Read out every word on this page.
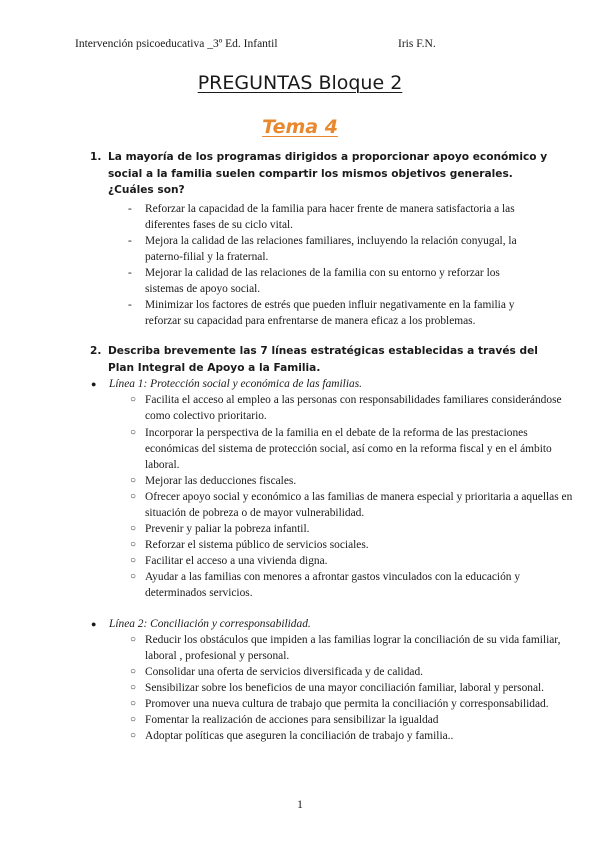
Intervención psicoeducativa _3º Ed. Infantil	Iris F.N.
PREGUNTAS Bloque 2
Tema 4
1. La mayoría de los programas dirigidos a proporcionar apoyo económico y social a la familia suelen compartir los mismos objetivos generales. ¿Cuáles son?
- Reforzar la capacidad de la familia para hacer frente de manera satisfactoria a las diferentes fases de su ciclo vital.
- Mejora la calidad de las relaciones familiares, incluyendo la relación conyugal, la paterno-filial y la fraternal.
- Mejorar la calidad de las relaciones de la familia con su entorno y reforzar los sistemas de apoyo social.
- Minimizar los factores de estrés que pueden influir negativamente en la familia y reforzar su capacidad para enfrentarse de manera eficaz a los problemas.
2. Describa brevemente las 7 líneas estratégicas establecidas a través del Plan Integral de Apoyo a la Familia.
● Línea 1: Protección social y económica de las familias.
○ Facilita el acceso al empleo a las personas con responsabilidades familiares considerándose como colectivo prioritario.
○ Incorporar la perspectiva de la familia en el debate de la reforma de las prestaciones económicas del sistema de protección social, así como en la reforma fiscal y en el ámbito laboral.
○ Mejorar las deducciones fiscales.
○ Ofrecer apoyo social y económico a las familias de manera especial y prioritaria a aquellas en situación de pobreza o de mayor vulnerabilidad.
○ Prevenir y paliar la pobreza infantil.
○ Reforzar el sistema público de servicios sociales.
○ Facilitar el acceso a una vivienda digna.
○ Ayudar a las familias con menores a afrontar gastos vinculados con la educación y determinados servicios.
● Línea 2: Conciliación y corresponsabilidad.
○ Reducir los obstáculos que impiden a las familias lograr la conciliación de su vida familiar, laboral , profesional y personal.
○ Consolidar una oferta de servicios diversificada y de calidad.
○ Sensibilizar sobre los beneficios de una mayor conciliación familiar, laboral y personal.
○ Promover una nueva cultura de trabajo que permita la conciliación y corresponsabilidad.
○ Fomentar la realización de acciones para sensibilizar la igualdad
○ Adoptar políticas que aseguren la conciliación de trabajo y familia..
1
